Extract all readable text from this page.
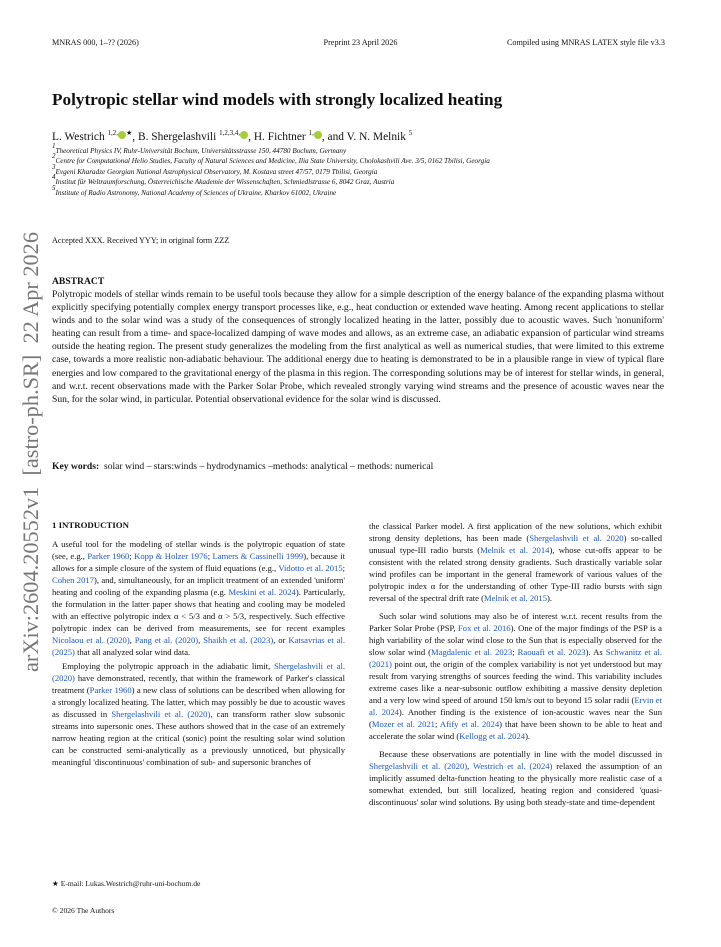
MNRAS 000, 1–?? (2026)	Preprint 23 April 2026	Compiled using MNRAS LATEX style file v3.3
Polytropic stellar wind models with strongly localized heating
L. Westrich $^{1,2,}$ ★, B. Shergelashvili $^{1,2,3,4,}$ , H. Fichtner $^{1,}$ , and V. N. Melnik $^5$
$^1$Theoretical Physics IV, Ruhr-Universität Bochum, Universitätsstrasse 150, 44780 Bochum, Germany
$^2$Centre for Computational Helio Studies, Faculty of Natural Sciences and Medicine, Ilia State University, Cholokashvili Ave. 3/5, 0162 Tbilisi, Georgia
$^3$Evgeni Kharadze Georgian National Astrophysical Observatory, M. Kostava street 47/57, 0179 Tbilisi, Georgia
$^4$Institut für Weltraumforschung, Österreichische Akademie der Wissenschaften, Schmiedlstrasse 6, 8042 Graz, Austria
$^5$Institute of Radio Astronomy, National Academy of Sciences of Ukraine, Kharkov 61002, Ukraine
Accepted XXX. Received YYY; in original form ZZZ
arXiv:2604.20552v1  [astro-ph.SR]  22 Apr 2026 ABSTRACT
Polytropic models of stellar winds remain to be useful tools because they allow for a simple description of the energy balance of the expanding plasma without explicitly specifying potentially complex energy transport processes like, e.g., heat conduction or extended wave heating. Among recent applications to stellar winds and to the solar wind was a study of the consequences of strongly localized heating in the latter, possibly due to acoustic waves. Such 'nonuniform' heating can result from a time- and space-localized damping of wave modes and allows, as an extreme case, an adiabatic expansion of particular wind streams outside the heating region. The present study generalizes the modeling from the first analytical as well as numerical studies, that were limited to this extreme case, towards a more realistic non-adiabatic behaviour. The additional energy due to heating is demonstrated to be in a plausible range in view of typical flare energies and low compared to the gravitational energy of the plasma in this region. The corresponding solutions may be of interest for stellar winds, in general, and w.r.t. recent observations made with the Parker Solar Probe, which revealed strongly varying wind streams and the presence of acoustic waves near the Sun, for the solar wind, in particular. Potential observational evidence for the solar wind is discussed.
Key words: solar wind – stars:winds – hydrodynamics –methods: analytical – methods: numerical
1 INTRODUCTION

A useful tool for the modeling of stellar winds is the polytropic equation of state (see, e.g., Parker 1960; Kopp & Holzer 1976; Lamers & Cassinelli 1999), because it allows for a simple closure of the system of fluid equations (e.g., Vidotto et al. 2015; Cohen 2017), and, simultaneously, for an implicit treatment of an extended 'uniform' heating and cooling of the expanding plasma (e.g. Meskini et al. 2024). Particularly, the formulation in the latter paper shows that heating and cooling may be modeled with an effective polytropic index α < 5/3 and α > 5/3, respectively. Such effective polytropic index can be derived from measurements, see for recent examples Nicolaou et al. (2020), Pang et al. (2020), Shaikh et al. (2023), or Katsavrias et al. (2025) that all analyzed solar wind data.

Employing the polytropic approach in the adiabatic limit, Shergelashvili et al. (2020) have demonstrated, recently, that within the framework of Parker's classical treatment (Parker 1960) a new class of solutions can be described when allowing for a strongly localized heating. The latter, which may possibly be due to acoustic waves as discussed in Shergelashvili et al. (2020), can transform rather slow subsonic streams into supersonic ones. These authors showed that in the case of an extremely narrow heating region at the critical (sonic) point the resulting solar wind solution can be constructed semi-analytically as a previously unnoticed, but physically meaningful 'discontinuous' combination of sub- and supersonic branches of

the classical Parker model. A first application of the new solutions, which exhibit strong density depletions, has been made (Shergelashvili et al. 2020) so-called unusual type-III radio bursts (Melnik et al. 2014), whose cut-offs appear to be consistent with the related strong density gradients. Such drastically variable solar wind profiles can be important in the general framework of various values of the polytropic index α for the understanding of other Type-III radio bursts with sign reversal of the spectral drift rate (Melnik et al. 2015).

Such solar wind solutions may also be of interest w.r.t. recent results from the Parker Solar Probe (PSP, Fox et al. 2016). One of the major findings of the PSP is a high variability of the solar wind close to the Sun that is especially observed for the slow solar wind (Magdalenic et al. 2023; Raouafi et al. 2023). As Schwanitz et al. (2021) point out, the origin of the complex variability is not yet understood but may result from varying strengths of sources feeding the wind. This variability includes extreme cases like a near-subsonic outflow exhibiting a massive density depletion and a very low wind speed of around 150 km/s out to beyond 15 solar radii (Ervin et al. 2024). Another finding is the existence of ion-acoustic waves near the Sun (Mozer et al. 2021; Afify et al. 2024) that have been shown to be able to heat and accelerate the solar wind (Kellogg et al. 2024).

Because these observations are potentially in line with the model discussed in Shergelashvili et al. (2020), Westrich et al. (2024) relaxed the assumption of an implicitly assumed delta-function heating to the physically more realistic case of a somewhat extended, but still localized, heating region and considered 'quasi-discontinuous' solar wind solutions. By using both steady-state and time-dependent

★ E-mail: Lukas.Westrich@ruhr-uni-bochum.de
© 2026 The Authors
